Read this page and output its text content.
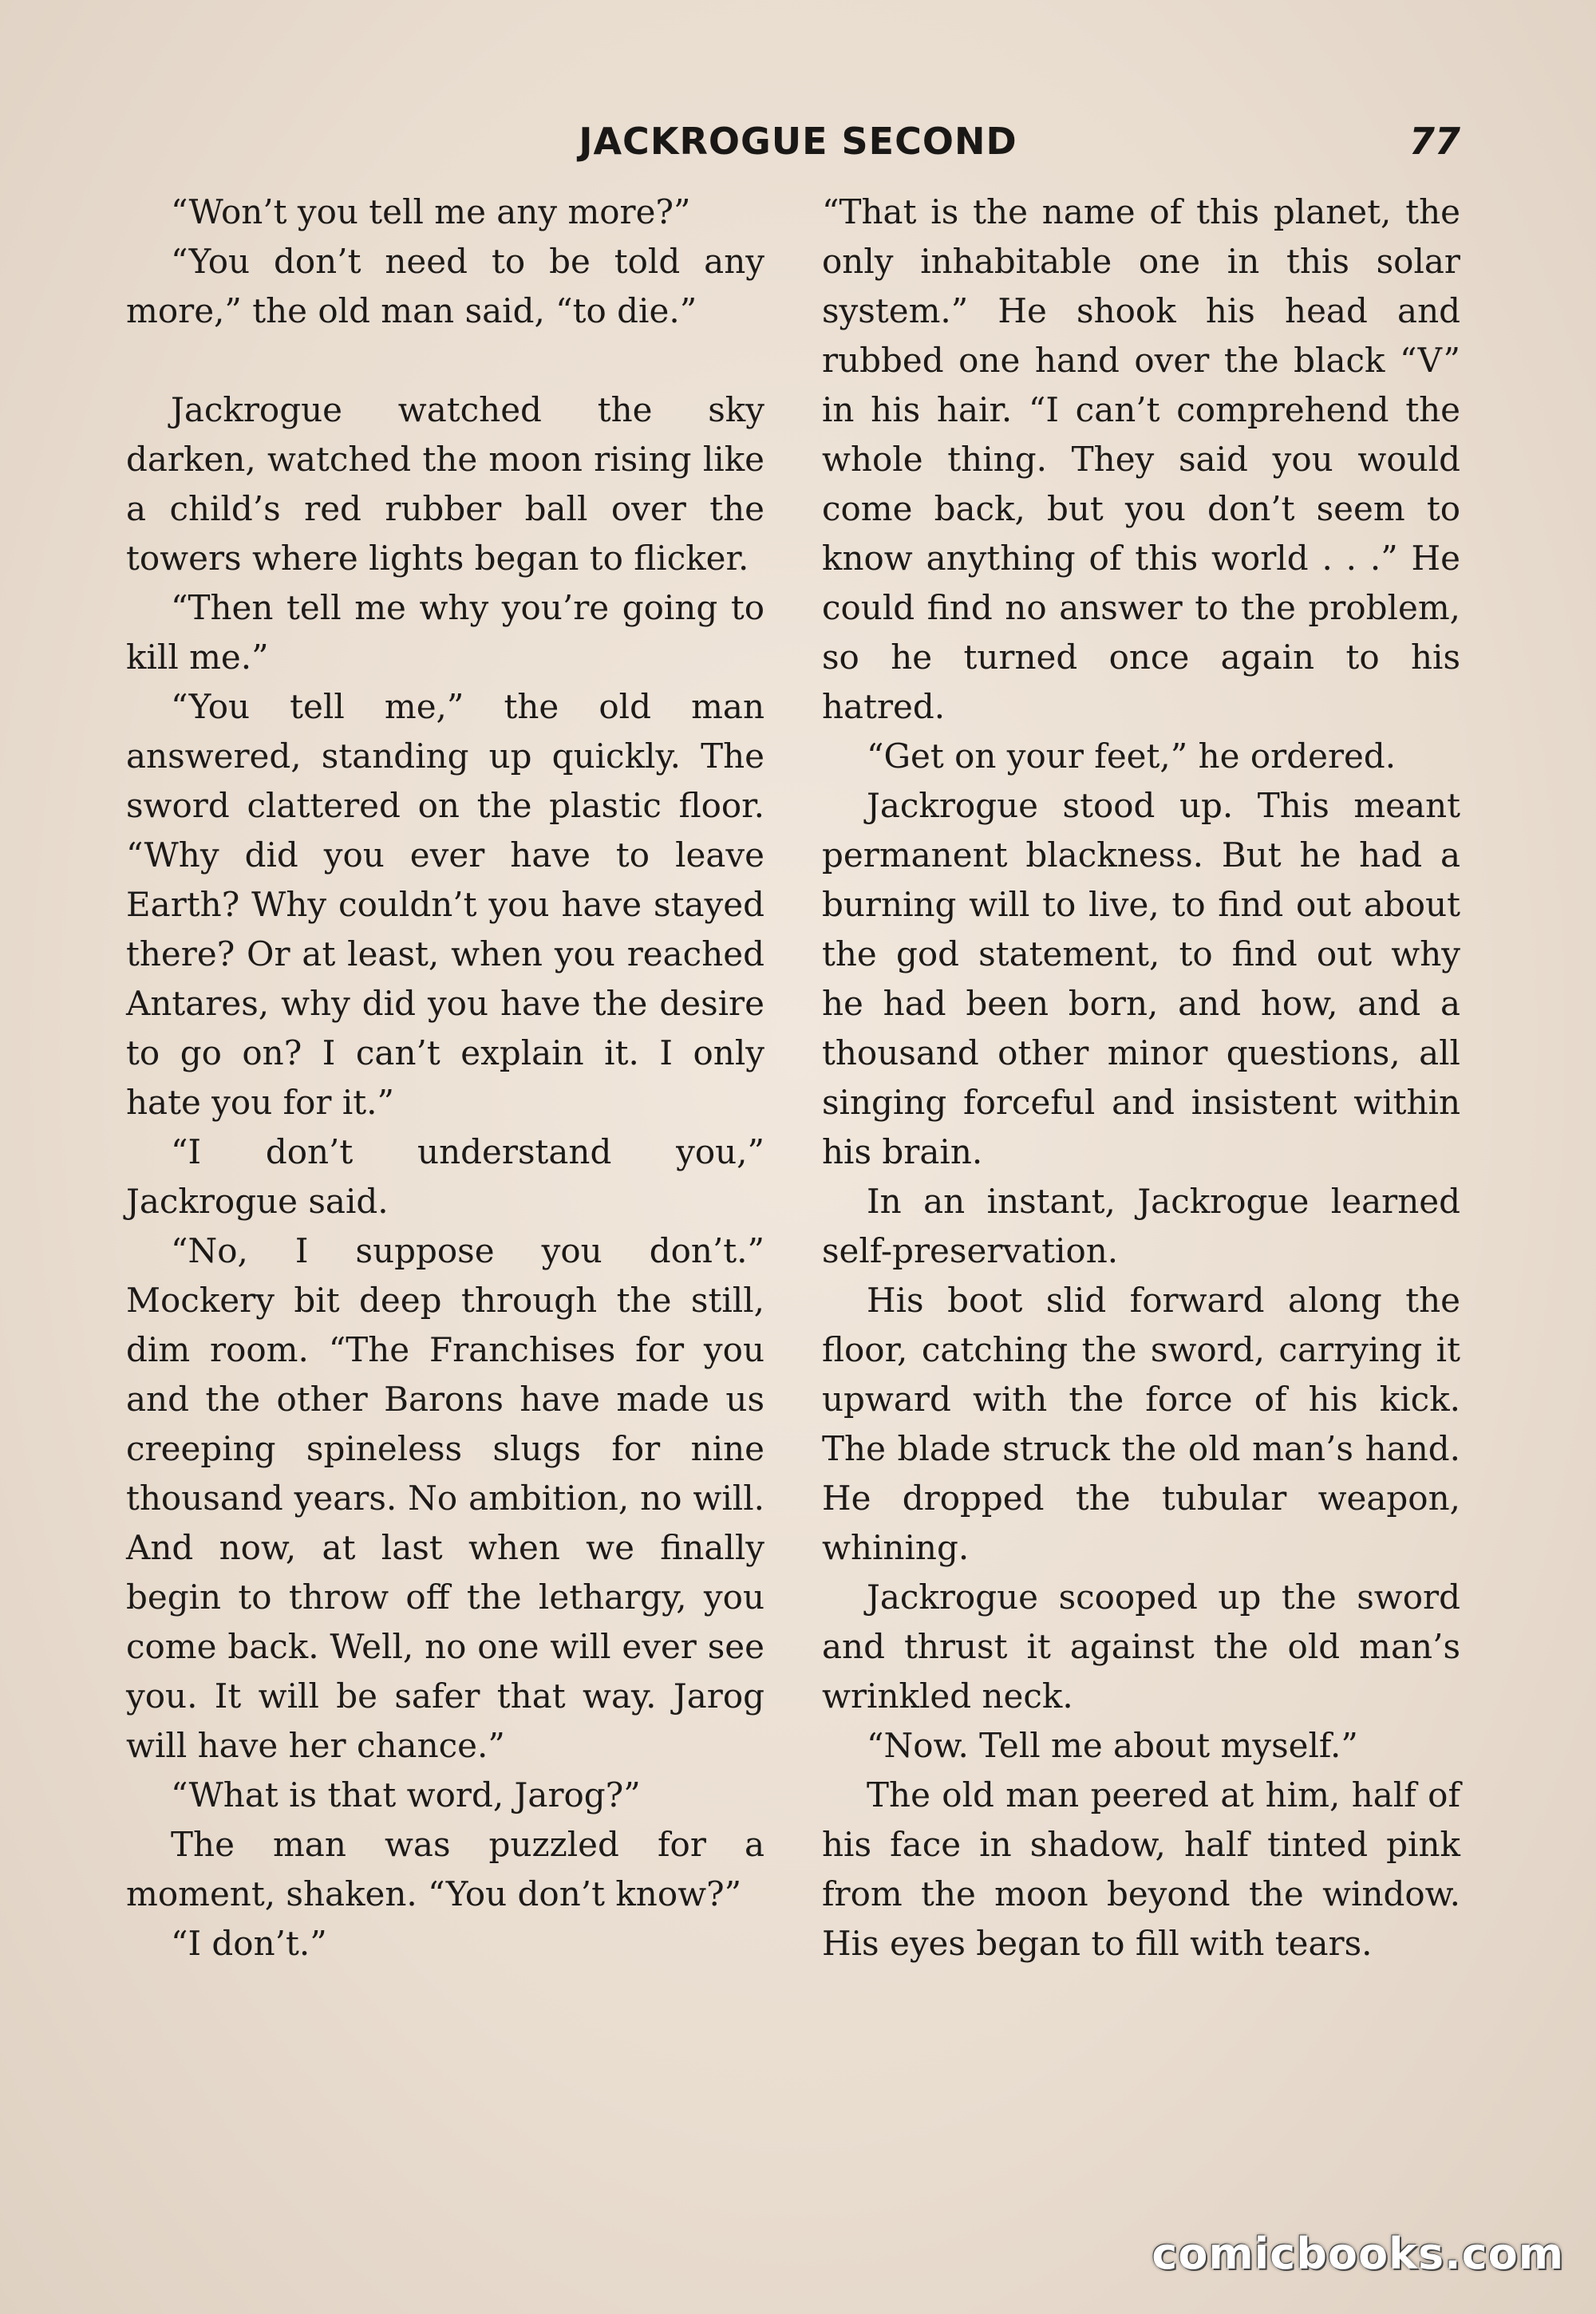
JACKROGUE SECOND	77

“Won’t you tell me any more?”

“You don’t need to be told any more,” the old man said, “to die.”

Jackrogue watched the sky darken, watched the moon rising like a child’s red rubber ball over the towers where lights began to flicker.

“Then tell me why you’re going to kill me.”

“You tell me,” the old man answered, standing up quickly. The sword clattered on the plastic floor. “Why did you ever have to leave Earth? Why couldn’t you have stayed there? Or at least, when you reached Antares, why did you have the desire to go on? I can’t explain it. I only hate you for it.”

“I don’t understand you,” Jackrogue said.

“No, I suppose you don’t.” Mockery bit deep through the still, dim room. “The Franchises for you and the other Barons have made us creeping spineless slugs for nine thousand years. No ambition, no will. And now, at last when we finally begin to throw off the lethargy, you come back. Well, no one will ever see you. It will be safer that way. Jarog will have her chance.”

“What is that word, Jarog?”

The man was puzzled for a moment, shaken. “You don’t know?”

“I don’t.”

“That is the name of this planet, the only inhabitable one in this solar system.” He shook his head and rubbed one hand over the black “V” in his hair. “I can’t comprehend the whole thing. They said you would come back, but you don’t seem to know anything of this world . . .” He could find no answer to the problem, so he turned once again to his hatred.

“Get on your feet,” he ordered.

Jackrogue stood up. This meant permanent blackness. But he had a burning will to live, to find out about the god statement, to find out why he had been born, and how, and a thousand other minor questions, all singing forceful and insistent within his brain.

In an instant, Jackrogue learned self-preservation.

His boot slid forward along the floor, catching the sword, carrying it upward with the force of his kick. The blade struck the old man’s hand. He dropped the tubular weapon, whining.

Jackrogue scooped up the sword and thrust it against the old man’s wrinkled neck.

“Now. Tell me about myself.”

The old man peered at him, half of his face in shadow, half tinted pink from the moon beyond the window. His eyes began to fill with tears.

comicbooks.com
